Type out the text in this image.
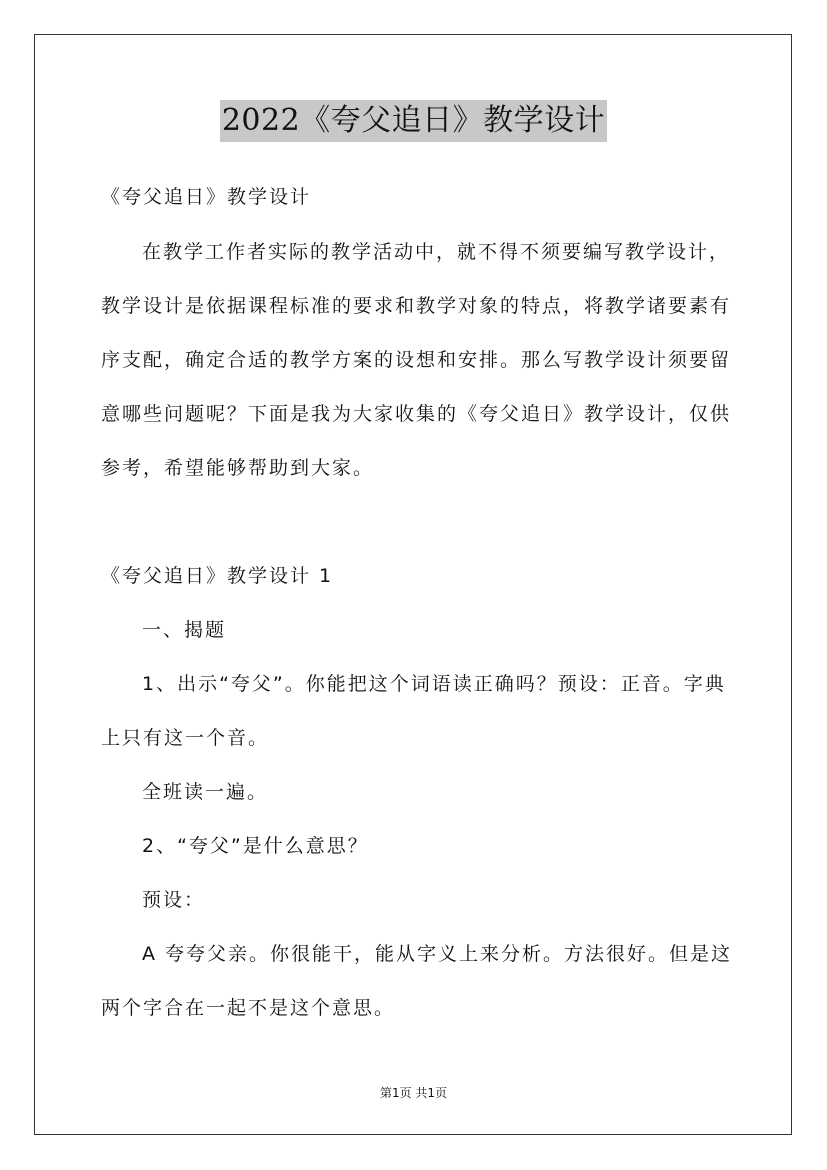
2022《夸父追日》教学设计
《夸父追日》教学设计
在教学工作者实际的教学活动中，就不得不须要编写教学设计，
教学设计是依据课程标准的要求和教学对象的特点，将教学诸要素有
序支配，确定合适的教学方案的设想和安排。那么写教学设计须要留
意哪些问题呢？下面是我为大家收集的《夸父追日》教学设计，仅供
参考，希望能够帮助到大家。
《夸父追日》教学设计 1
一、揭题
1、出示“夸父”。你能把这个词语读正确吗？预设：正音。字典
上只有这一个音。
全班读一遍。
2、“夸父”是什么意思？
预设：
A 夸夸父亲。你很能干，能从字义上来分析。方法很好。但是这
两个字合在一起不是这个意思。
第1页 共1页
